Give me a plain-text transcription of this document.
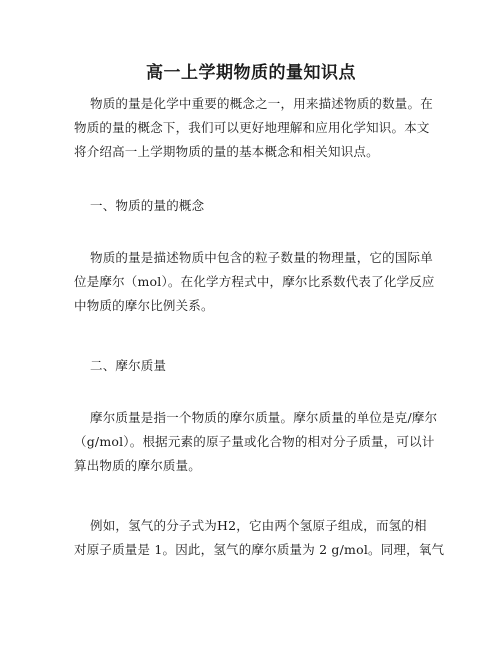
高一上学期物质的量知识点
物质的量是化学中重要的概念之一，用来描述物质的数量。在
物质的量的概念下，我们可以更好地理解和应用化学知识。本文
将介绍高一上学期物质的量的基本概念和相关知识点。
一、物质的量的概念
物质的量是描述物质中包含的粒子数量的物理量，它的国际单
位是摩尔（mol）。在化学方程式中，摩尔比系数代表了化学反应
中物质的摩尔比例关系。
二、摩尔质量
摩尔质量是指一个物质的摩尔质量。摩尔质量的单位是克/摩尔
（g/mol）。根据元素的原子量或化合物的相对分子质量，可以计
算出物质的摩尔质量。
例如，氢气的分子式为H2，它由两个氢原子组成，而氢的相
对原子质量是 1。因此，氢气的摩尔质量为 2 g/mol。同理，氧气
